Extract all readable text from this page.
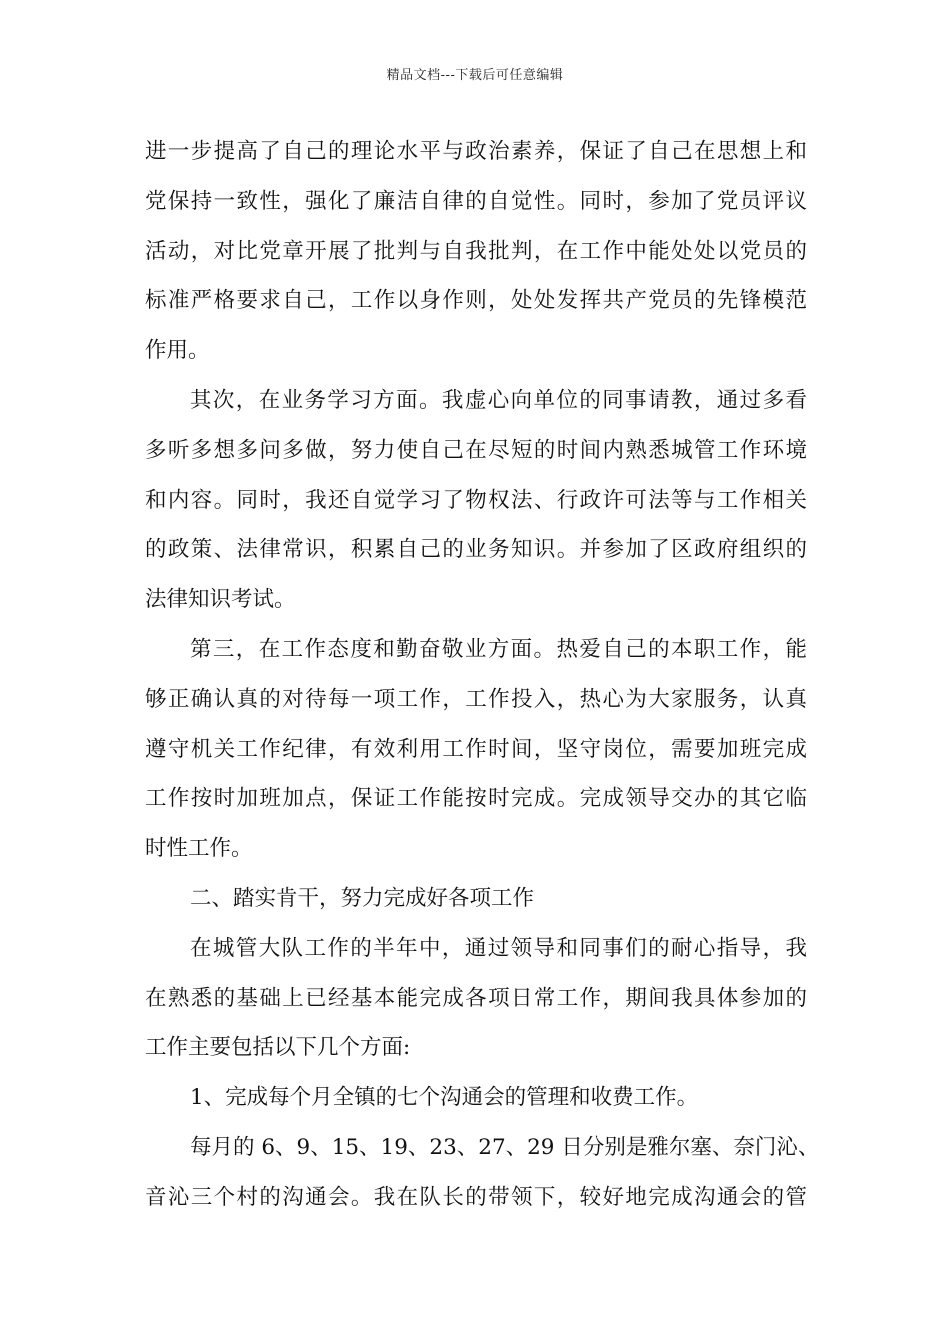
精品文档---下载后可任意编辑
进一步提高了自己的理论水平与政治素养，保证了自己在思想上和
党保持一致性，强化了廉洁自律的自觉性。同时，参加了党员评议
活动，对比党章开展了批判与自我批判，在工作中能处处以党员的
标准严格要求自己，工作以身作则，处处发挥共产党员的先锋模范
作用。
其次，在业务学习方面。我虚心向单位的同事请教，通过多看
多听多想多问多做，努力使自己在尽短的时间内熟悉城管工作环境
和内容。同时，我还自觉学习了物权法、行政许可法等与工作相关
的政策、法律常识，积累自己的业务知识。并参加了区政府组织的
法律知识考试。
第三，在工作态度和勤奋敬业方面。热爱自己的本职工作，能
够正确认真的对待每一项工作，工作投入，热心为大家服务，认真
遵守机关工作纪律，有效利用工作时间，坚守岗位，需要加班完成
工作按时加班加点，保证工作能按时完成。完成领导交办的其它临
时性工作。
二、踏实肯干，努力完成好各项工作
在城管大队工作的半年中，通过领导和同事们的耐心指导，我
在熟悉的基础上已经基本能完成各项日常工作，期间我具体参加的
工作主要包括以下几个方面:
1、完成每个月全镇的七个沟通会的管理和收费工作。
每月的 6、9、15、19、23、27、29 日分别是雅尔塞、奈门沁、
音沁三个村的沟通会。我在队长的带领下，较好地完成沟通会的管
